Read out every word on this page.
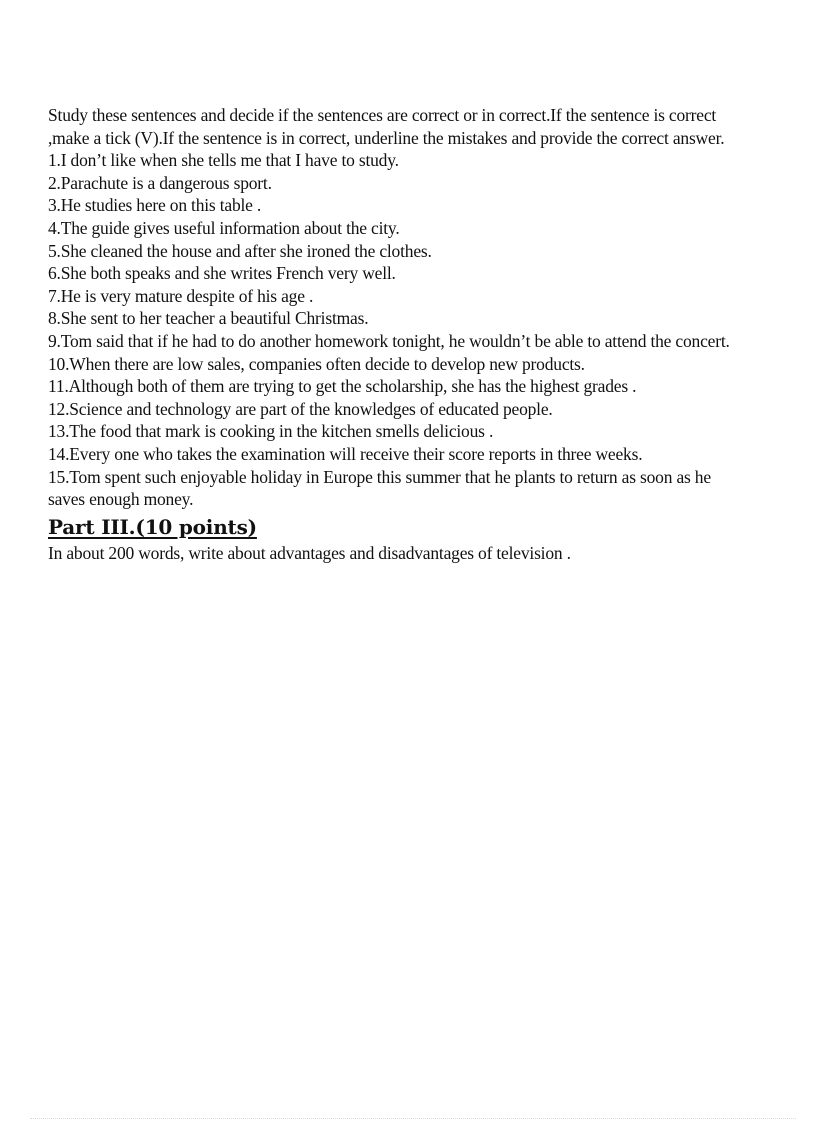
Study these sentences and decide if the sentences are correct or in correct.If the sentence is correct ,make a tick (V).If the sentence is in correct, underline the mistakes and provide the correct answer.

1.I don’t like when she tells me that I have to study.
2.Parachute is a dangerous sport.
3.He studies here on this table .
4.The guide gives useful information about the city.
5.She cleaned the house and after she ironed the clothes.
6.She both speaks and she writes French very well.
7.He is very mature despite of his age .
8.She sent to her teacher a beautiful Christmas.
9.Tom said that if he had to do another homework tonight, he wouldn’t be able to attend the concert.
10.When there are low sales, companies often decide to develop new products.
11.Although both of them are trying to get the scholarship, she has the highest grades .
12.Science and technology are part of the knowledges of educated people.
13.The food that mark is cooking in the kitchen smells delicious .
14.Every one who takes the examination will receive their score reports in three weeks.
15.Tom spent such enjoyable holiday in Europe this summer that he plants to return as soon as he saves enough money.
Part III.(10 points)

In about 200 words, write about advantages and disadvantages of television .
